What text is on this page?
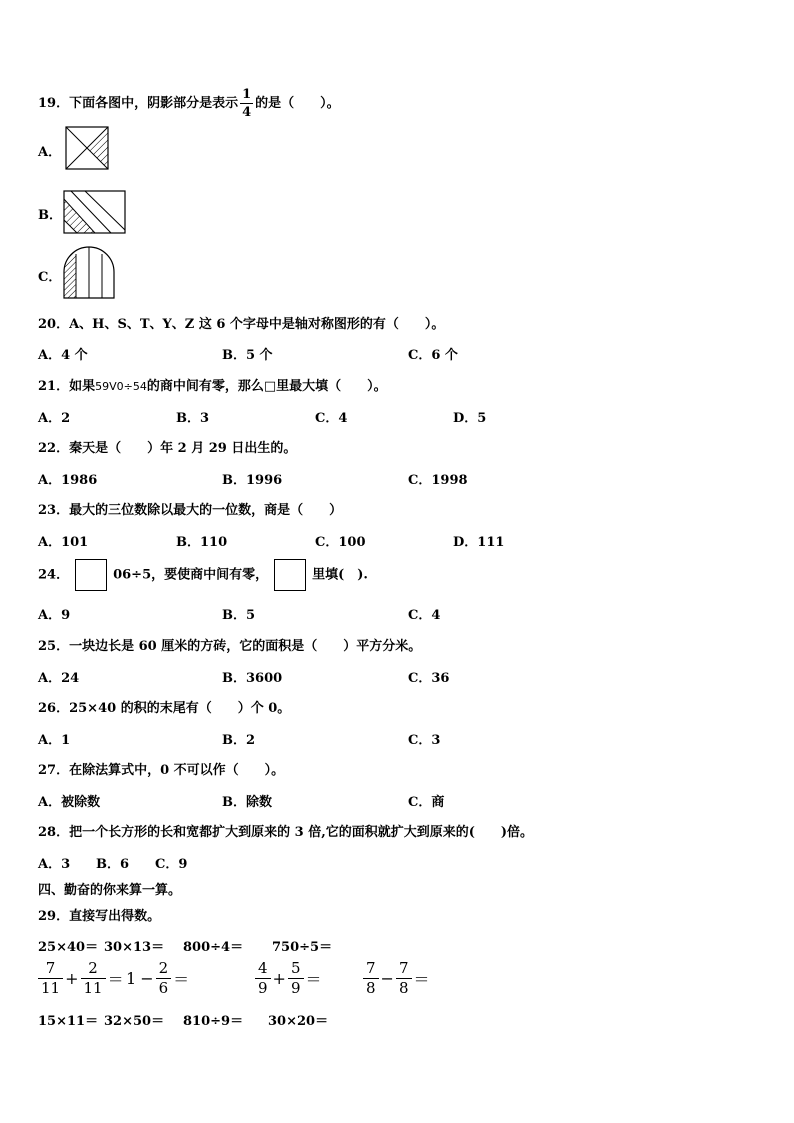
19．下面各图中，阴影部分是表示 $\frac{1}{4}$ 的是（　　）。
A．
B．
C．
20．A、H、S、T、Y、Z 这 6 个字母中是轴对称图形的有（　　）。
A．4 个	B．5 个	C．6 个
21．如果59V0÷54的商中间有零，那么□里最大填（　　）。
A．2	B．3	C．4	D．5
22．秦天是（　　）年 2 月 29 日出生的。
A．1986	B．1996	C．1998
23．最大的三位数除以最大的一位数，商是（　　）
A．101	B．110	C．100	D．111
24．	06÷5，要使商中间有零，	里填(　).
A．9	B．5	C．4
25．一块边长是 60 厘米的方砖，它的面积是（　　）平方分米。
A．24	B．3600	C．36
26．25×40 的积的末尾有（　　）个 0。
A．1	B．2	C．3
27．在除法算式中，0 不可以作（　　）。
A．被除数	B．除数	C．商
28．把一个长方形的长和宽都扩大到原来的 3 倍,它的面积就扩大到原来的(　　)倍。
A．3 B．6 C．9
四、勤奋的你来算一算。
29．直接写出得数。
25×40＝ 30×13＝ 800÷4＝ 750÷5＝
$\frac{7}{11} + \frac{2}{11} = 1 - \frac{2}{6}$ ＝	$\frac{4}{9} + \frac{5}{9}$ ＝	$\frac{7}{8} - \frac{7}{8}$ ＝
15×11＝ 32×50＝ 810÷9＝ 30×20＝
